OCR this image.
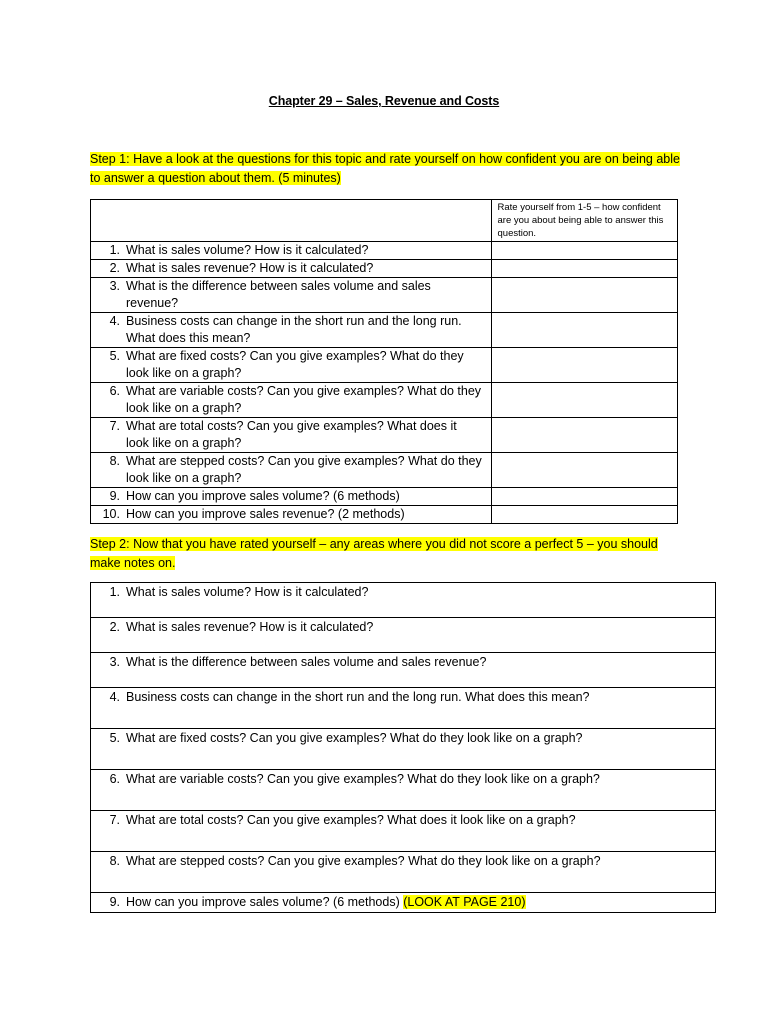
Chapter 29 – Sales, Revenue and Costs
Step 1: Have a look at the questions for this topic and rate yourself on how confident you are on being able to answer a question about them. (5 minutes)
	Rate yourself from 1-5 – how confident are you about being able to answer this question.

1. What is sales volume? How is it calculated?	

2. What is sales revenue? How is it calculated?	

3. What is the difference between sales volume and sales revenue?	

4. Business costs can change in the short run and the long run. What does this mean?	

5. What are fixed costs? Can you give examples? What do they look like on a graph?	

6. What are variable costs? Can you give examples? What do they look like on a graph?	

7. What are total costs? Can you give examples? What does it look like on a graph?	

8. What are stepped costs? Can you give examples? What do they look like on a graph?	

9. How can you improve sales volume? (6 methods)	

10. How can you improve sales revenue? (2 methods)	

Step 2: Now that you have rated yourself – any areas where you did not score a perfect 5 – you should make notes on.
1. What is sales volume? How is it calculated?

2. What is sales revenue? How is it calculated?

3. What is the difference between sales volume and sales revenue?

4. Business costs can change in the short run and the long run. What does this mean?

5. What are fixed costs? Can you give examples? What do they look like on a graph?

6. What are variable costs? Can you give examples? What do they look like on a graph?

7. What are total costs? Can you give examples? What does it look like on a graph?

8. What are stepped costs? Can you give examples? What do they look like on a graph?

9. How can you improve sales volume? (6 methods) (LOOK AT PAGE 210)
